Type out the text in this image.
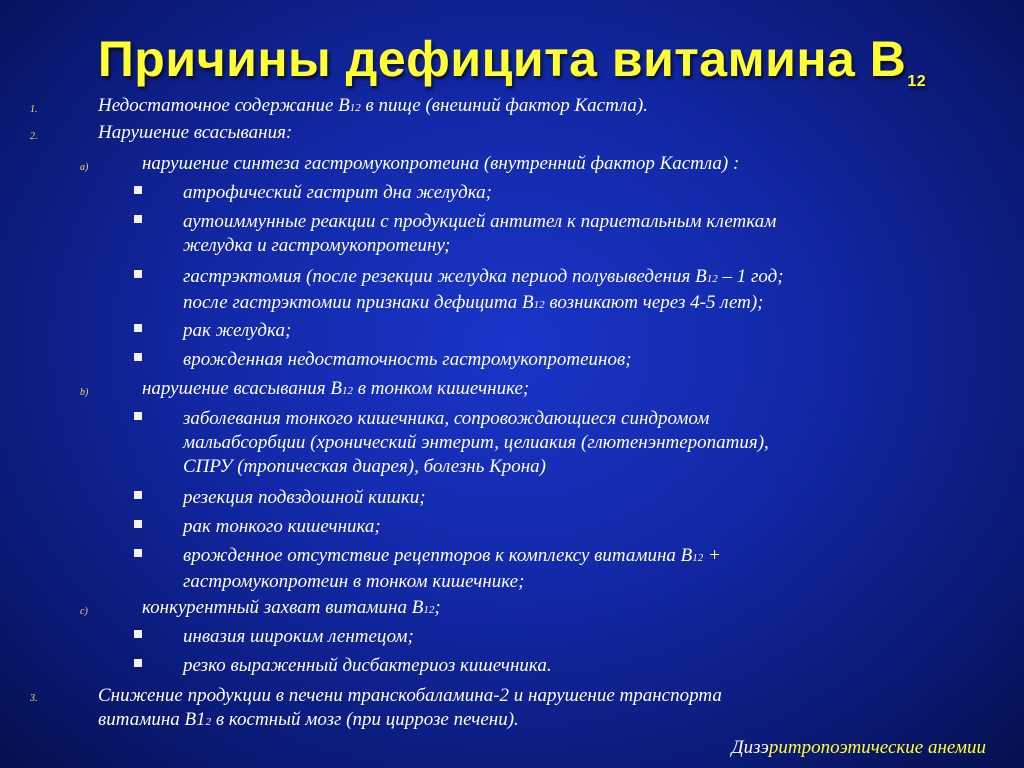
Причины дефицита витамина $В_{12}$
1.	Недостаточное содержание В12 в пище (внешний фактор Кастла).
2.	Нарушение всасывания:
a)	нарушение синтеза гастромукопротеина (внутренний фактор Кастла) :
атрофический гастрит дна желудка;
аутоиммунные реакции с продукцией антител к париетальным клеткам
желудка и гастромукопротеину;
гастрэктомия (после резекции желудка период полувыведения В12 – 1 год;
после гастрэктомии признаки дефицита В12 возникают через 4-5 лет);
рак желудка;
врожденная недостаточность гастромукопротеинов;
b)	нарушение всасывания В12 в тонком кишечнике;
заболевания тонкого кишечника, сопровождающиеся синдромом
мальабсорбции (хронический энтерит, целиакия (глютенэнтеропатия),
СПРУ (тропическая диарея), болезнь Крона)
резекция подвздошной кишки;
рак тонкого кишечника;
врожденное отсутствие рецепторов к комплексу витамина В12 +
гастромукопротеин в тонком кишечнике;
c)	конкурентный захват витамина В12;
инвазия широким лентецом;
резко выраженный дисбактериоз кишечника.
3.	Снижение продукции в печени транскобаламина-2 и нарушение транспорта
витамина В12 в костный мозг (при циррозе печени).
Дизэритропоэтические анемии
